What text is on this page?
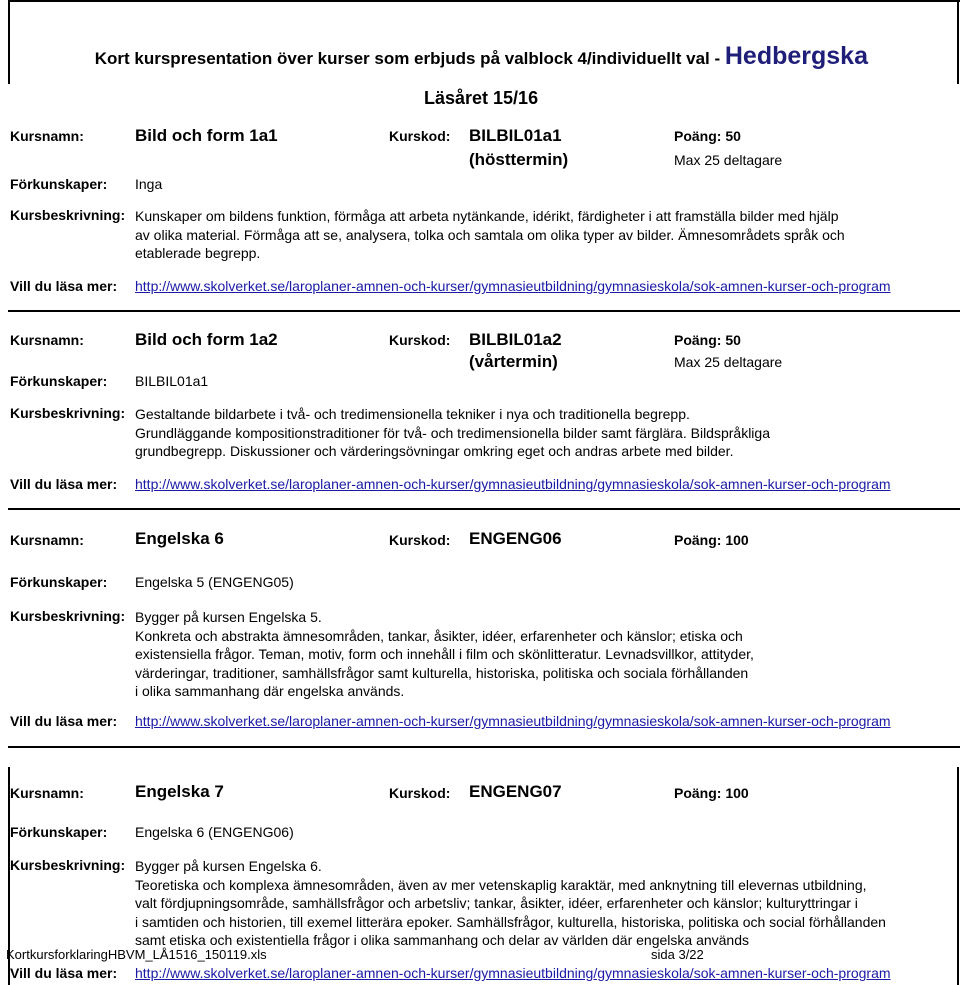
Kort kurspresentation över kurser som erbjuds på valblock 4/individuellt val - Hedbergska
Läsåret 15/16
Kursnamn:	Bild och form 1a1	Kurskod: BILBIL01a1	Poäng: 50
(hösttermin)	Max 25 deltagare
Förkunskaper: Inga
Kursbeskrivning: Kunskaper om bildens funktion, förmåga att arbeta nytänkande, idérikt, färdigheter i att framställa bilder med hjälp
av olika material. Förmåga att se, analysera, tolka och samtala om olika typer av bilder. Ämnesområdets språk och
etablerade begrepp.
Vill du läsa mer: http://www.skolverket.se/laroplaner-amnen-och-kurser/gymnasieutbildning/gymnasieskola/sok-amnen-kurser-och-program
Kursnamn:	Bild och form 1a2	Kurskod: BILBIL01a2	Poäng: 50
(vårtermin)	Max 25 deltagare
Förkunskaper: BILBIL01a1
Kursbeskrivning: Gestaltande bildarbete i två- och tredimensionella tekniker i nya och traditionella begrepp.
Grundläggande kompositionstraditioner för två- och tredimensionella bilder samt färglära. Bildspråkliga
grundbegrepp. Diskussioner och värderingsövningar omkring eget och andras arbete med bilder.
Vill du läsa mer: http://www.skolverket.se/laroplaner-amnen-och-kurser/gymnasieutbildning/gymnasieskola/sok-amnen-kurser-och-program
Kursnamn:	Engelska 6	Kurskod: ENGENG06	Poäng: 100
Förkunskaper: Engelska 5 (ENGENG05)
Kursbeskrivning: Bygger på kursen Engelska 5.
Konkreta och abstrakta ämnesområden, tankar, åsikter, idéer, erfarenheter och känslor; etiska och
existensiella frågor. Teman, motiv, form och innehåll i film och skönlitteratur. Levnadsvillkor, attityder,
värderingar, traditioner, samhällsfrågor samt kulturella, historiska, politiska och sociala förhållanden
i olika sammanhang där engelska används.
Vill du läsa mer: http://www.skolverket.se/laroplaner-amnen-och-kurser/gymnasieutbildning/gymnasieskola/sok-amnen-kurser-och-program
Kursnamn:	Engelska 7	Kurskod: ENGENG07	Poäng: 100
Förkunskaper: Engelska 6 (ENGENG06)
Kursbeskrivning: Bygger på kursen Engelska 6.
Teoretiska och komplexa ämnesområden, även av mer vetenskaplig karaktär, med anknytning till elevernas utbildning,
valt fördjupningsområde, samhällsfrågor och arbetsliv; tankar, åsikter, idéer, erfarenheter och känslor; kulturyttringar i
i samtiden och historien, till exemel litterära epoker. Samhällsfrågor, kulturella, historiska, politiska och social förhållanden
samt etiska och existentiella frågor i olika sammanhang och delar av världen där engelska används
KortkursforklaringHBVM_LÅ1516_150119.xls	sida 3/22
Vill du läsa mer: http://www.skolverket.se/laroplaner-amnen-och-kurser/gymnasieutbildning/gymnasieskola/sok-amnen-kurser-och-program
